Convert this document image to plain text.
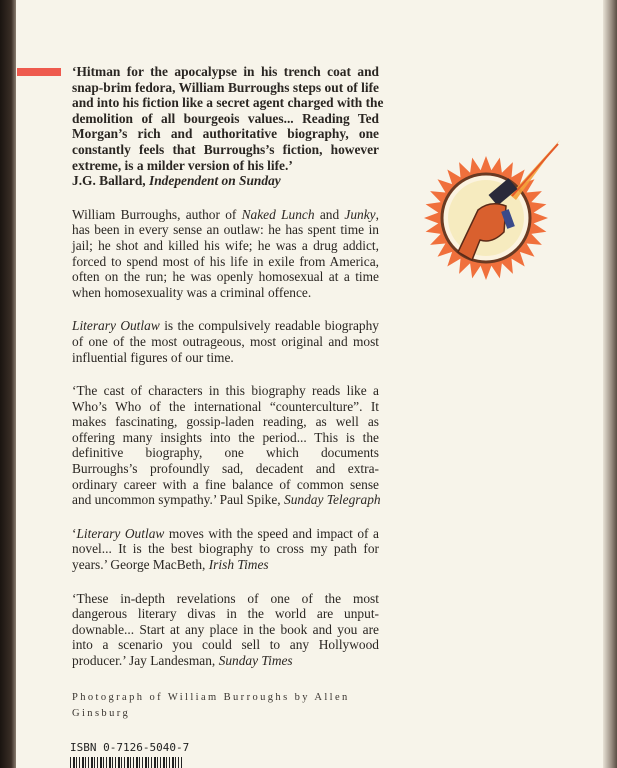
‘Hitman for the apocalypse in his trench coat and
snap-brim fedora, William Burroughs steps out of life
and into his fiction like a secret agent charged with the
demolition of all bourgeois values... Reading Ted
Morgan’s rich and authoritative biography, one
constantly feels that Burroughs’s fiction, however
extreme, is a milder version of his life.’
J.G. Ballard, Independent on Sunday
William Burroughs, author of Naked Lunch and Junky,
has been in every sense an outlaw: he has spent time in
jail; he shot and killed his wife; he was a drug addict,
forced to spend most of his life in exile from America,
often on the run; he was openly homosexual at a time
when homosexuality was a criminal offence.
Literary Outlaw is the compulsively readable biography
of one of the most outrageous, most original and most
influential figures of our time.
‘The cast of characters in this biography reads like a
Who’s Who of the international “counterculture”. It
makes fascinating, gossip-laden reading, as well as
offering many insights into the period... This is the
definitive biography, one which documents
Burroughs’s profoundly sad, decadent and extra-
ordinary career with a fine balance of common sense
and uncommon sympathy.’ Paul Spike, Sunday Telegraph
‘Literary Outlaw moves with the speed and impact of a
novel... It is the best biography to cross my path for
years.’ George MacBeth, Irish Times
‘These in-depth revelations of one of the most
dangerous literary divas in the world are unput-
downable... Start at any place in the book and you are
into a scenario you could sell to any Hollywood
producer.’ Jay Landesman, Sunday Times
Photograph of William Burroughs by Allen
Ginsburg
ISBN 0-7126-5040-7
